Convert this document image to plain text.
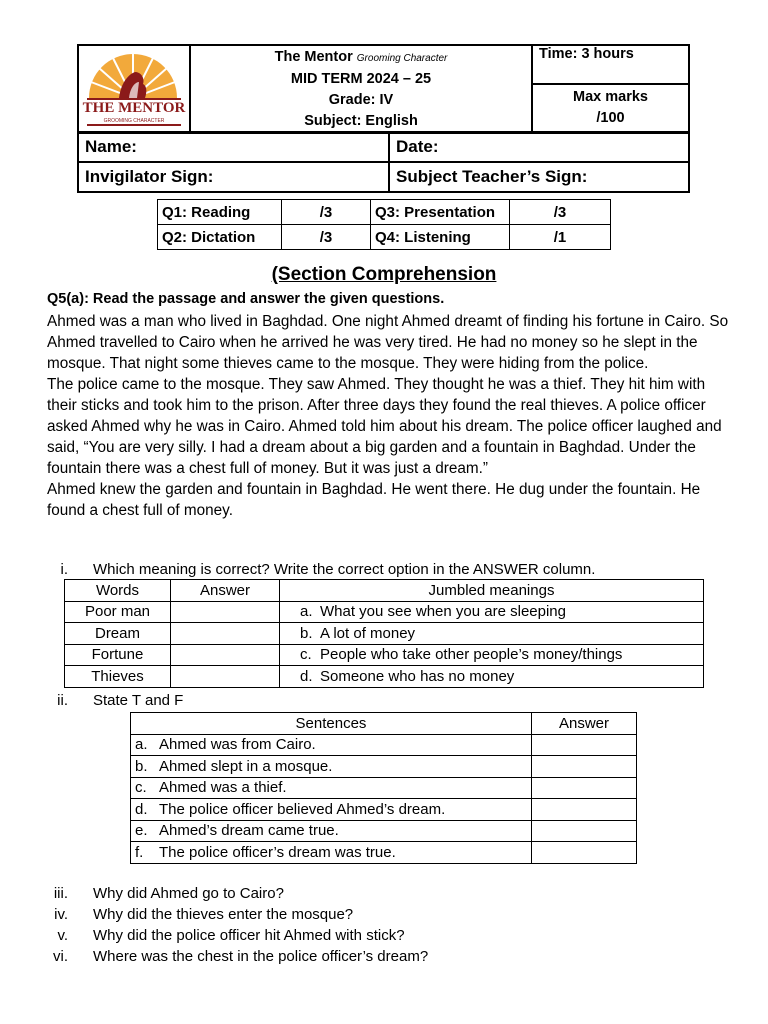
THE MENTOR
GROOMING CHARACTER

The Mentor Grooming Character
MID TERM 2024 – 25
Grade: IV
Subject: English
	Time: 3 hours

Max marks
/100
Name:	Date:
Invigilator Sign:	Subject Teacher’s Sign:
Q1: Reading	/3	Q3: Presentation	/3
Q2: Dictation	/3	Q4: Listening	/1
(Section Comprehension
Q5(a): Read the passage and answer the given questions.

Ahmed was a man who lived in Baghdad. One night Ahmed dreamt of finding his fortune in Cairo. So Ahmed travelled to Cairo when he arrived he was very tired. He had no money so he slept in the mosque. That night some thieves came to the mosque. They were hiding from the police.

The police came to the mosque. They saw Ahmed. They thought he was a thief. They hit him with their sticks and took him to the prison. After three days they found the real thieves. A police officer asked Ahmed why he was in Cairo. Ahmed told him about his dream. The police officer laughed and said, “You are very silly. I had a dream about a big garden and a fountain in Baghdad. Under the fountain there was a chest full of money. But it was just a dream.”

Ahmed knew the garden and fountain in Baghdad. He went there. He dug under the fountain. He found a chest full of money.

i. Which meaning is correct? Write the correct option in the ANSWER column.
Words	Answer	Jumbled meanings
Poor man		a. What you see when you are sleeping
Dream		b. A lot of money
Fortune		c. People who take other people’s money/things
Thieves		d. Someone who has no money
ii. State T and F
Sentences	Answer
a. Ahmed was from Cairo.	
b. Ahmed slept in a mosque.	
c. Ahmed was a thief.	
d. The police officer believed Ahmed’s dream.	
e. Ahmed’s dream came true.	
f. The police officer’s dream was true.	
iii. Why did Ahmed go to Cairo?
iv. Why did the thieves enter the mosque?
v. Why did the police officer hit Ahmed with stick?
vi. Where was the chest in the police officer’s dream?
